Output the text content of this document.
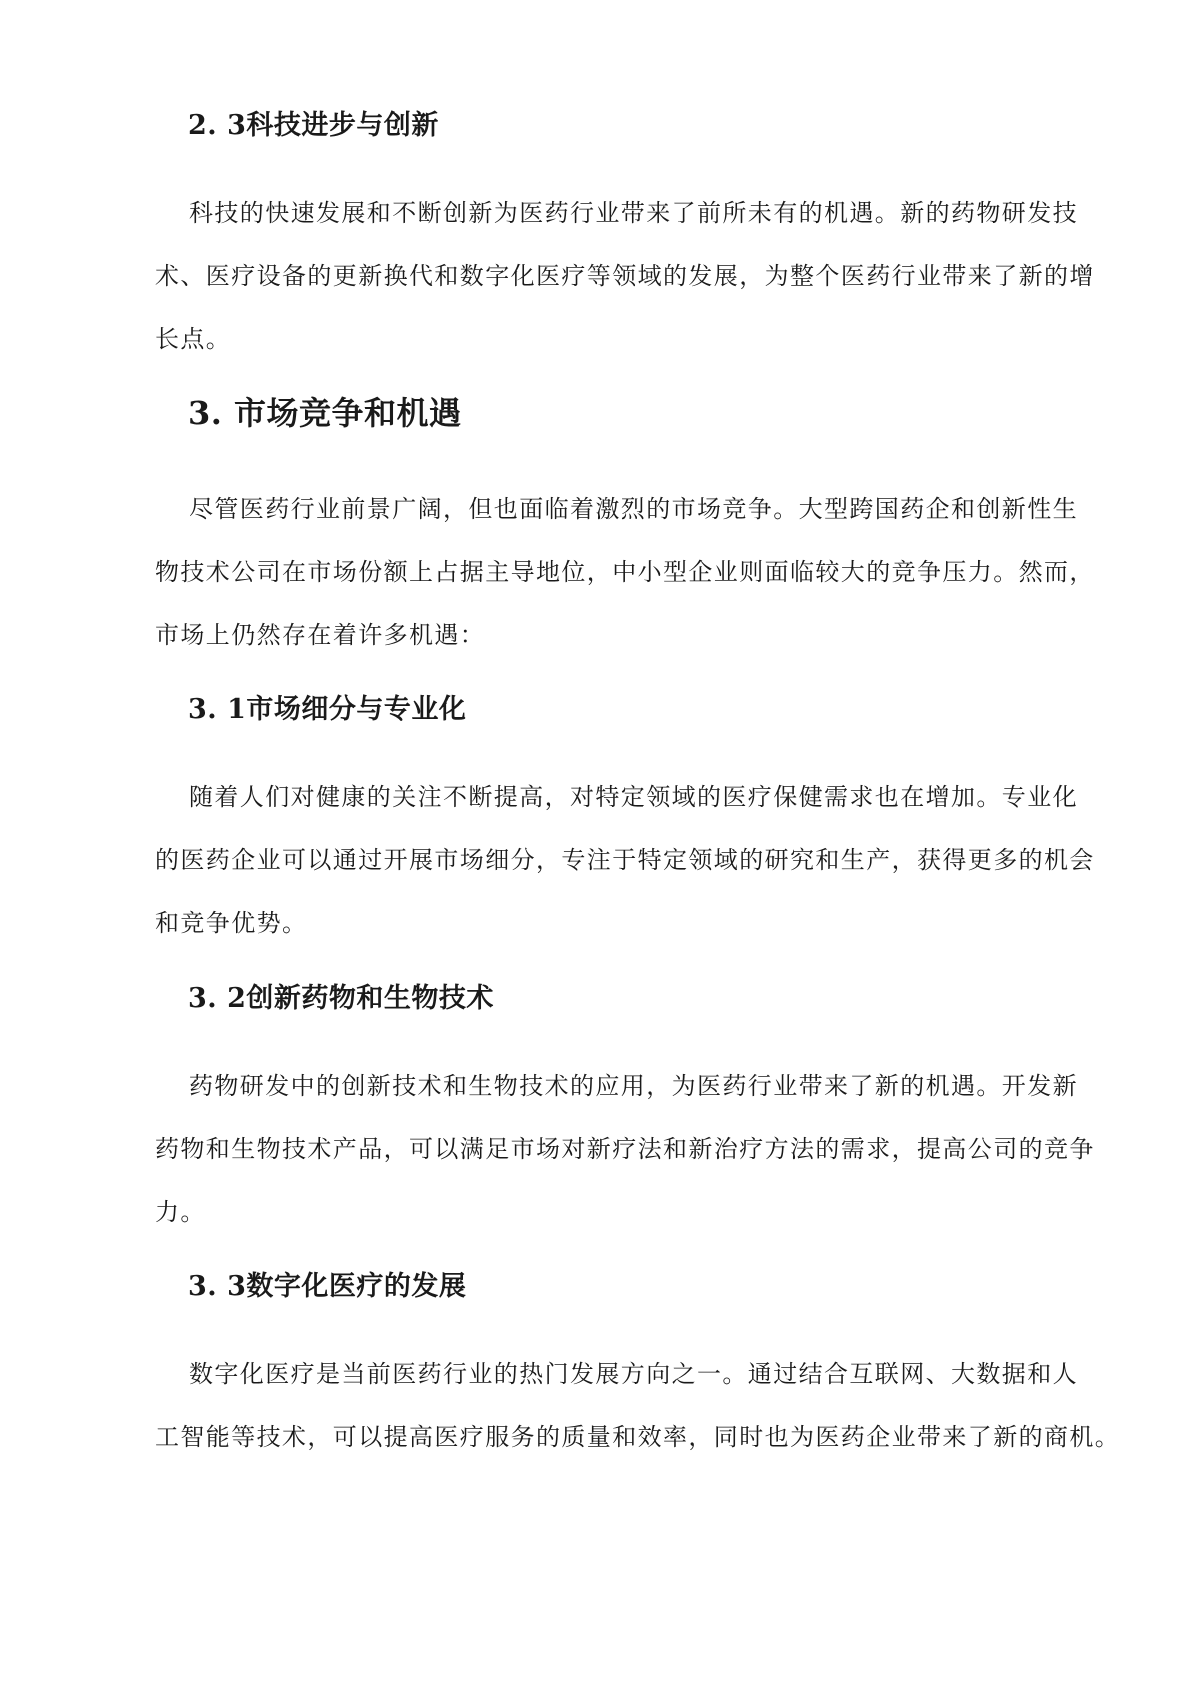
2. 3科技进步与创新

科技的快速发展和不断创新为医药行业带来了前所未有的机遇。新的药物研发技
术、医疗设备的更新换代和数字化医疗等领域的发展，为整个医药行业带来了新的增
长点。

3. 市场竞争和机遇

尽管医药行业前景广阔，但也面临着激烈的市场竞争。大型跨国药企和创新性生
物技术公司在市场份额上占据主导地位，中小型企业则面临较大的竞争压力。然而，
市场上仍然存在着许多机遇：

3. 1市场细分与专业化

随着人们对健康的关注不断提高，对特定领域的医疗保健需求也在增加。专业化
的医药企业可以通过开展市场细分，专注于特定领域的研究和生产，获得更多的机会
和竞争优势。

3. 2创新药物和生物技术

药物研发中的创新技术和生物技术的应用，为医药行业带来了新的机遇。开发新
药物和生物技术产品，可以满足市场对新疗法和新治疗方法的需求，提高公司的竞争
力。

3. 3数字化医疗的发展

数字化医疗是当前医药行业的热门发展方向之一。通过结合互联网、大数据和人
工智能等技术，可以提高医疗服务的质量和效率，同时也为医药企业带来了新的商机。
